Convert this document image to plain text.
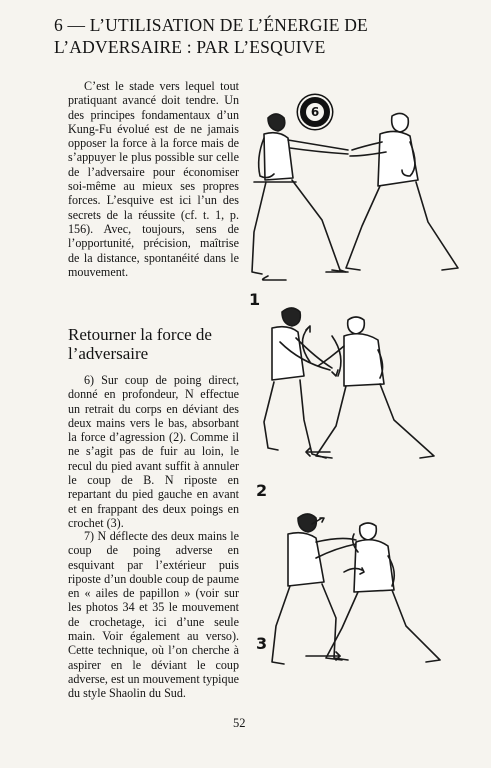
6 — L’UTILISATION DE L’ÉNERGIE DE L’ADVERSAIRE : PAR L’ESQUIVE

C’est le stade vers lequel tout pratiquant avancé doit tendre. Un des principes fondamentaux d’un Kung-Fu évolué est de ne jamais opposer la force à la force mais de s’appuyer le plus possible sur celle de l’adversaire pour économiser soi-même au mieux ses propres forces. L’esquive est ici l’un des secrets de la réussite (cf. t. 1, p. 156). Avec, toujours, sens de l’opportunité, précision, maîtrise de la distance, spontanéité dans le mouvement.

Retourner la force de l’adversaire

6) Sur coup de poing direct, donné en profondeur, N effectue un retrait du corps en déviant des deux mains vers le bas, absorbant la force d’agression (2). Comme il ne s’agit pas de fuir au loin, le recul du pied avant suffit à annuler le coup de B. N riposte en repartant du pied gauche en avant et en frappant des deux poings en crochet (3).

7) N déflecte des deux mains le coup de poing adverse en esquivant par l’extérieur puis riposte d’un double coup de paume en « ailes de papillon » (voir sur les photos 34 et 35 le mouvement de crochetage, ici d’une seule main. Voir également au verso). Cette technique, où l’on cherche à aspirer en le déviant le coup adverse, est un mouvement typique du style Shaolin du Sud.

6
1
2
3
52
